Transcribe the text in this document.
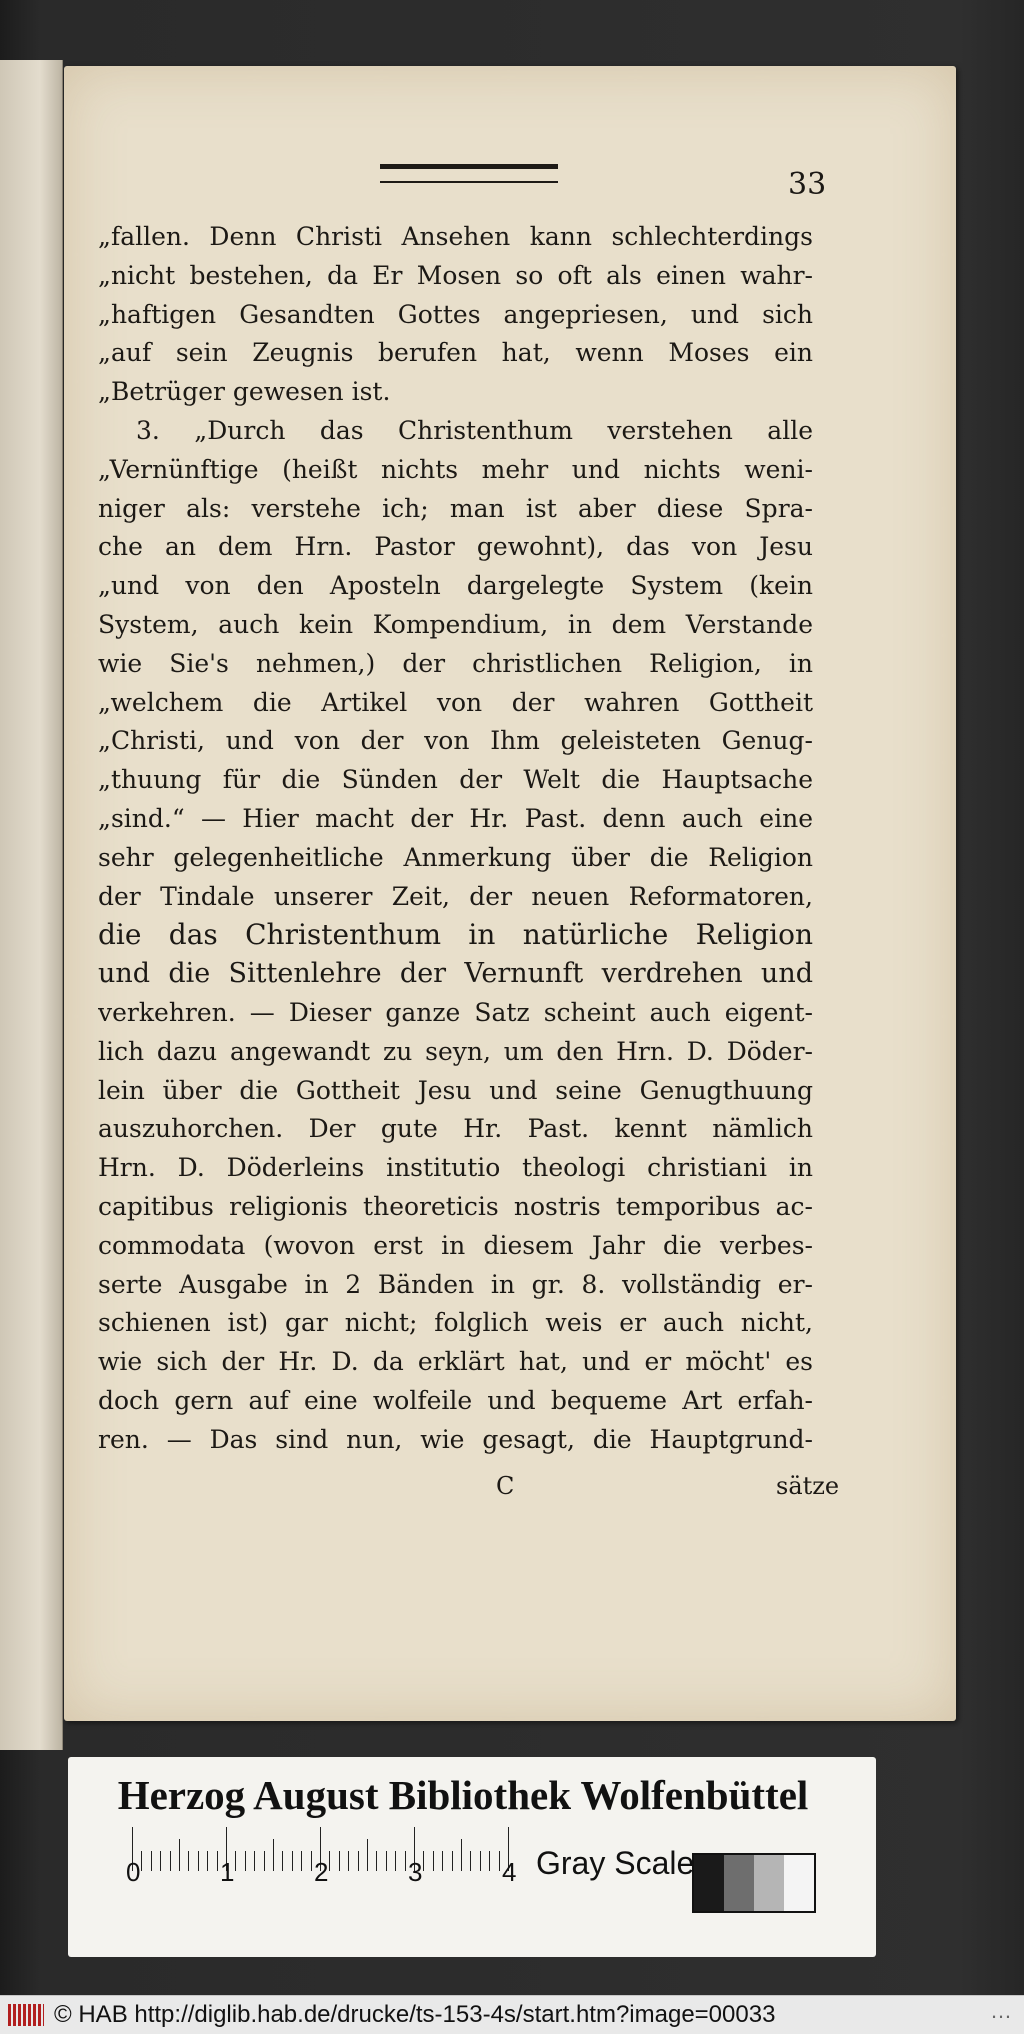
33
„fallen. Denn Christi Ansehen kann schlechterdings
„nicht bestehen, da Er Mosen so oft als einen wahr-
„haftigen Gesandten Gottes angepriesen, und sich
„auf sein Zeugnis berufen hat, wenn Moses ein
„Betrüger gewesen ist.
3. „Durch das Christenthum verstehen alle
„Vernünftige (heißt nichts mehr und nichts weni-
niger als: verstehe ich; man ist aber diese Spra-
che an dem Hrn. Pastor gewohnt), das von Jesu
„und von den Aposteln dargelegte System (kein
System, auch kein Kompendium, in dem Verstande
wie Sie's nehmen,) der christlichen Religion, in
„welchem die Artikel von der wahren Gottheit
„Christi, und von der von Ihm geleisteten Genug-
„thuung für die Sünden der Welt die Hauptsache
„sind.“ — Hier macht der Hr. Past. denn auch eine
sehr gelegenheitliche Anmerkung über die Religion
der Tindale unserer Zeit, der neuen Reformatoren,
die das Christenthum in natürliche Religion
und die Sittenlehre der Vernunft verdrehen und
verkehren. — Dieser ganze Satz scheint auch eigent-
lich dazu angewandt zu seyn, um den Hrn. D. Döder-
lein über die Gottheit Jesu und seine Genugthuung
auszuhorchen. Der gute Hr. Past. kennt nämlich
Hrn. D. Döderleins institutio theologi christiani in
capitibus religionis theoreticis nostris temporibus ac-
commodata (wovon erst in diesem Jahr die verbes-
serte Ausgabe in 2 Bänden in gr. 8. vollständig er-
schienen ist) gar nicht; folglich weis er auch nicht,
wie sich der Hr. D. da erklärt hat, und er möcht' es
doch gern auf eine wolfeile und bequeme Art erfah-
ren. — Das sind nun, wie gesagt, die Hauptgrund-
C	sätze
Herzog August Bibliothek Wolfenbüttel
0	1	2	3	4 Gray Scale
© HAB http://diglib.hab.de/drucke/ts-153-4s/start.htm?image=00033	…
